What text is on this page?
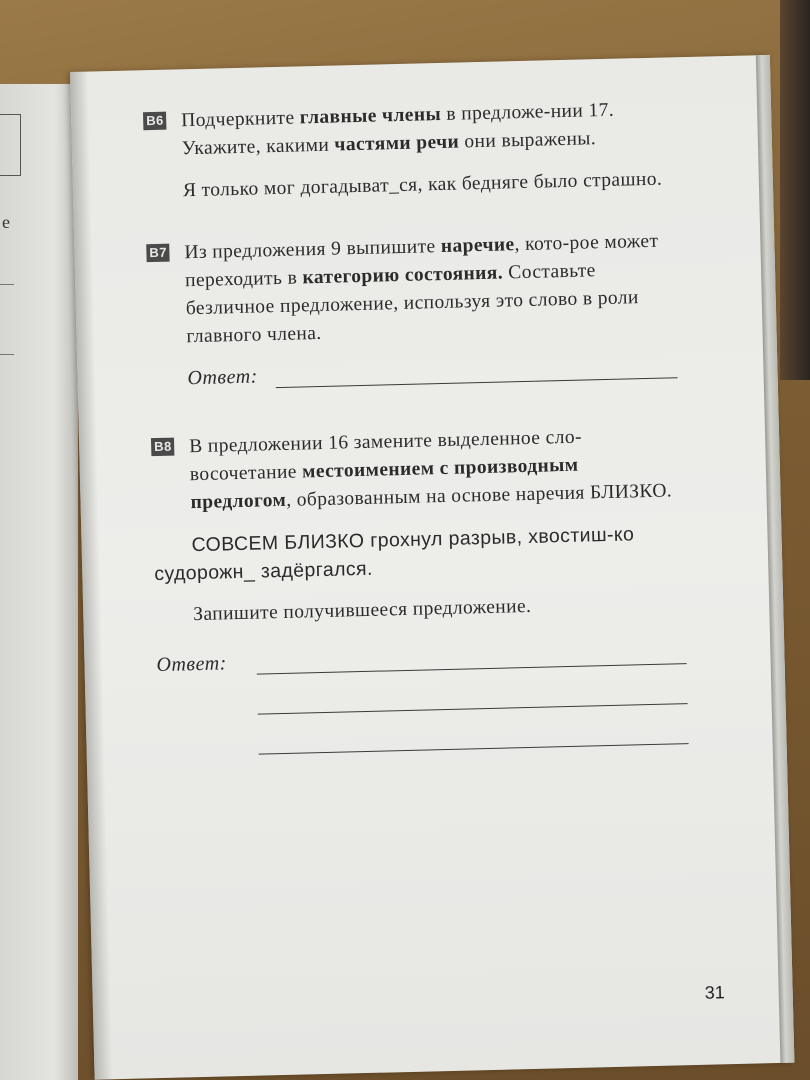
е
B6 Подчеркните главные члены в предложе-нии 17. Укажите, какими частями речи они выражены.
Я только мог догадыват_ся, как бедняге было страшно.
B7 Из предложения 9 выпишите наречие, кото-рое может переходить в категорию состояния. Составьте безличное предложение, используя это слово в роли главного члена.
Ответ:
B8 В предложении 16 замените выделенное сло-восочетание местоимением с производным предлогом, образованным на основе наречия БЛИЗКО.
СОВСЕМ БЛИЗКО грохнул разрыв, хвостиш-ко судорожн_ задёргался.
Запишите получившееся предложение.
Ответ:
31
